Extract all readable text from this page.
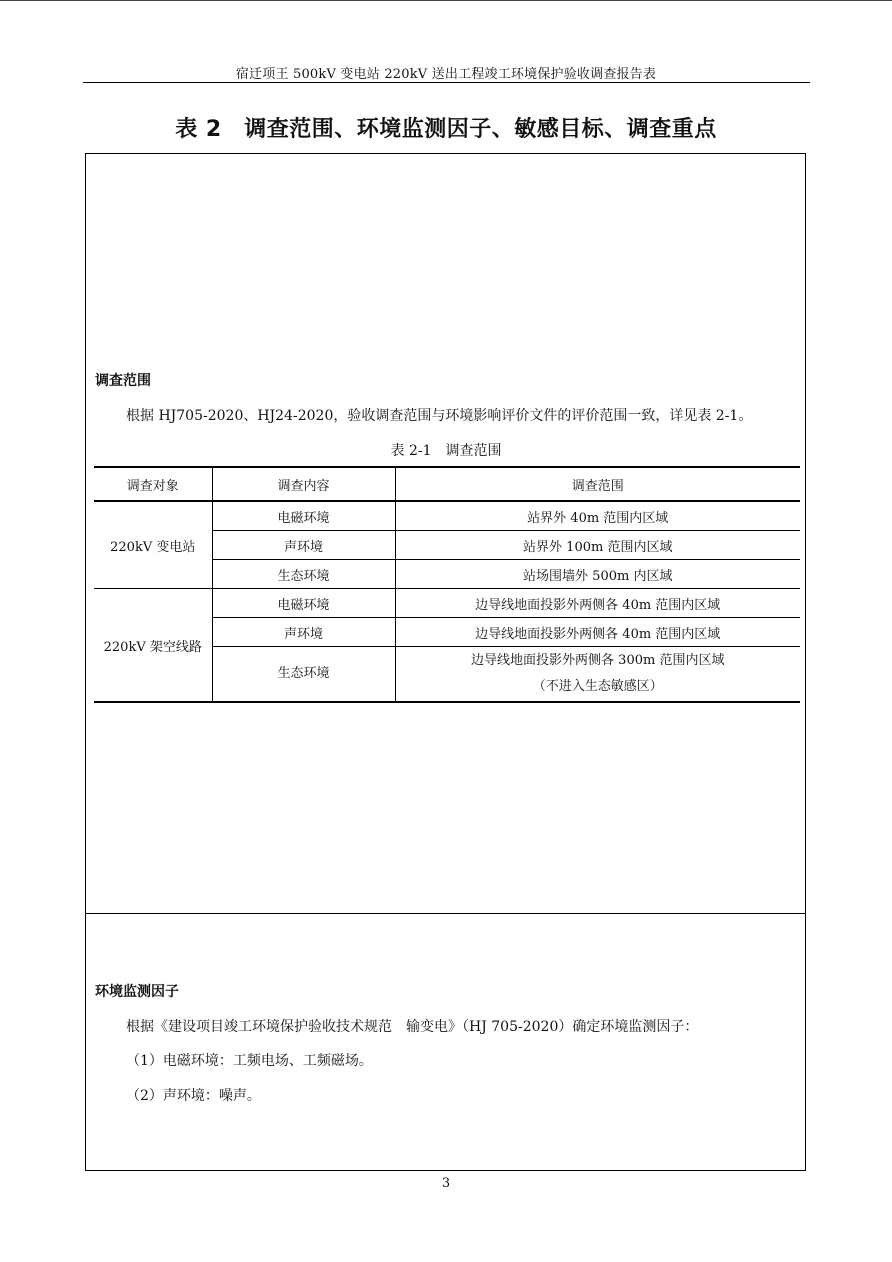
宿迁项王 500kV 变电站 220kV 送出工程竣工环境保护验收调查报告表
表 2　调查范围、环境监测因子、敏感目标、调查重点
调查范围
根据 HJ705-2020、HJ24-2020，验收调查范围与环境影响评价文件的评价范围一致，详见表 2-1。
表 2-1　调查范围
调查对象	调查内容	调查范围
220kV 变电站	电磁环境	站界外 40m 范围内区域
	声环境	站界外 100m 范围内区域
	生态环境	站场围墙外 500m 内区域
220kV 架空线路	电磁环境	边导线地面投影外两侧各 40m 范围内区域
	声环境	边导线地面投影外两侧各 40m 范围内区域
	生态环境	边导线地面投影外两侧各 300m 范围内区域
（不进入生态敏感区）
环境监测因子
根据《建设项目竣工环境保护验收技术规范　输变电》（HJ 705-2020）确定环境监测因子：
（1）电磁环境：工频电场、工频磁场。
（2）声环境：噪声。
3
